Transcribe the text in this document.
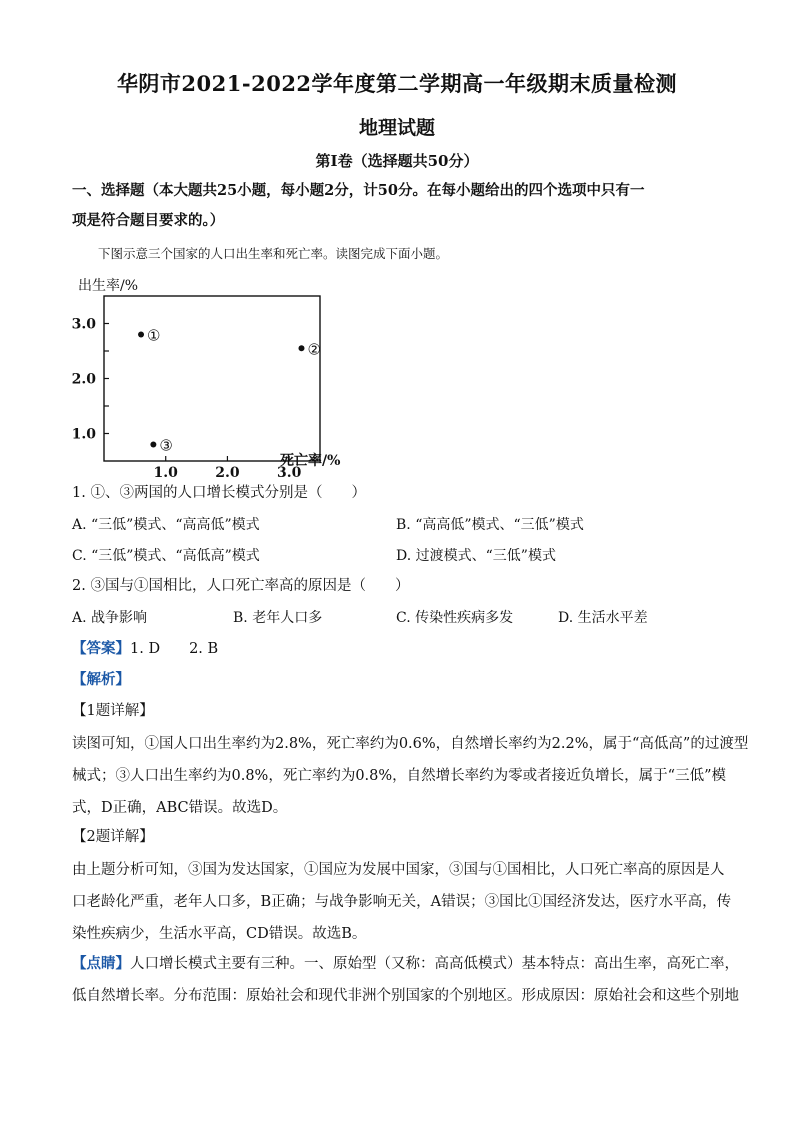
华阴市2021-2022学年度第二学期高一年级期末质量检测
地理试题
第Ⅰ卷（选择题共50分）
一、选择题（本大题共25小题，每小题2分，计50分。在每小题给出的四个选项中只有一
项是符合题目要求的。）
下图示意三个国家的人口出生率和死亡率。读图完成下面小题。
出生率/%
3.0
2.0
1.0
1.0	2.0	3.0
死亡率/%
①
②
③
1. ①、③两国的人口增长模式分别是（　　）
A. “三低”模式、“高高低”模式	B. “高高低”模式、“三低”模式
C. “三低”模式、“高低高”模式	D. 过渡模式、“三低”模式
2. ③国与①国相比，人口死亡率高的原因是（　　）
A. 战争影响	B. 老年人口多	C. 传染性疾病多发	D. 生活水平差
【答案】1. D　　2. B
【解析】
【1题详解】
读图可知，①国人口出生率约为2.8%，死亡率约为0.6%，自然增长率约为2.2%，属于“高低高”的过渡型
械式；③人口出生率约为0.8%，死亡率约为0.8%，自然增长率约为零或者接近负增长，属于“三低”模
式，D正确，ABC错误。故选D。
【2题详解】
由上题分析可知，③国为发达国家，①国应为发展中国家，③国与①国相比，人口死亡率高的原因是人
口老龄化严重，老年人口多，B正确；与战争影响无关，A错误；③国比①国经济发达，医疗水平高，传
染性疾病少，生活水平高，CD错误。故选B。
【点睛】人口增长模式主要有三种。一、原始型（又称：高高低模式）基本特点：高出生率，高死亡率，
低自然增长率。分布范围：原始社会和现代非洲个别国家的个别地区。形成原因：原始社会和这些个别地
